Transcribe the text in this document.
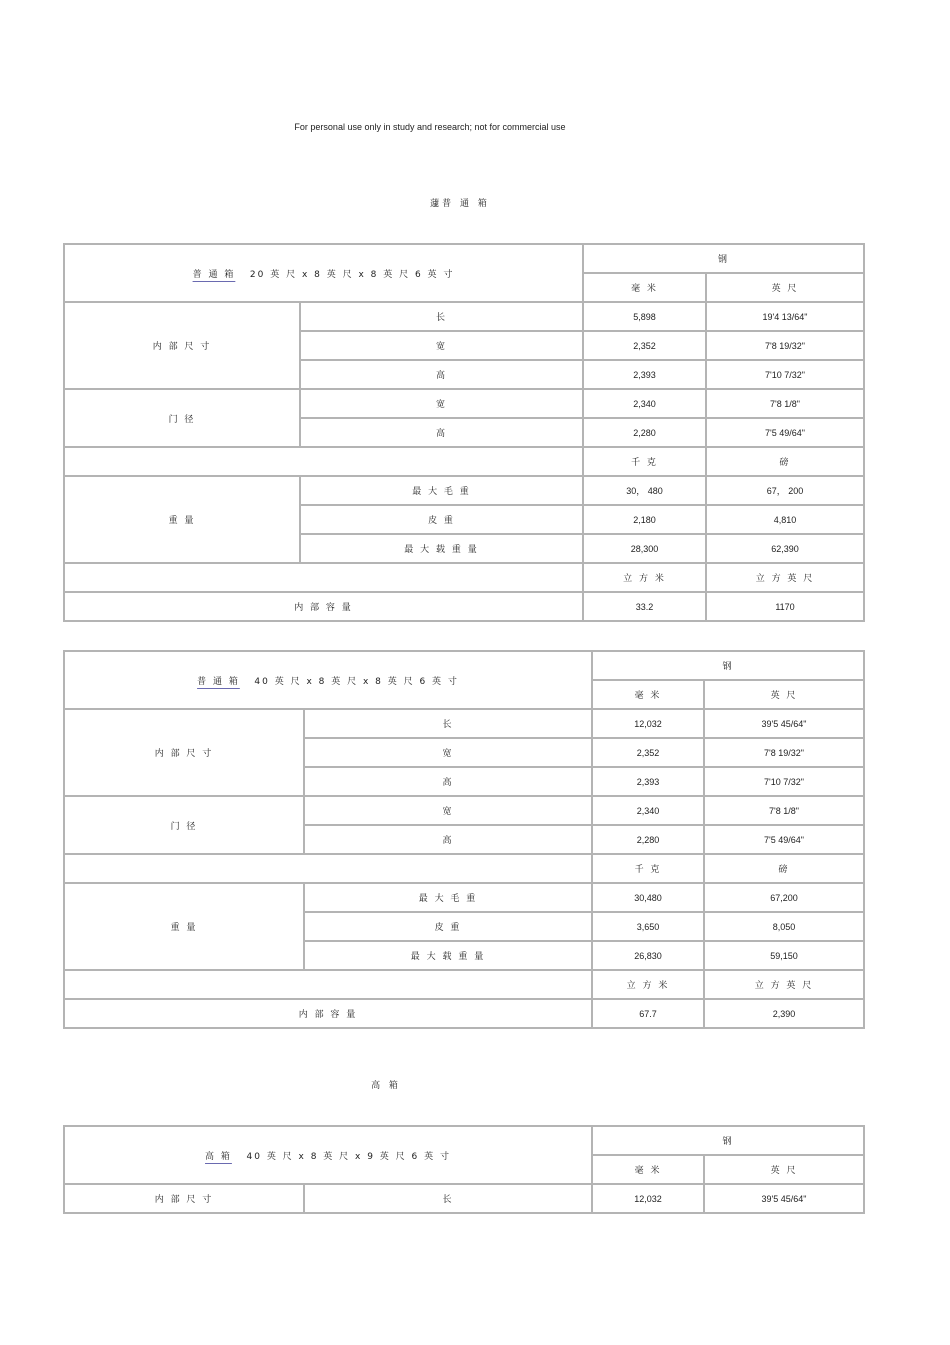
For personal use only in study and research; not for commercial use
蘧普 通 箱
普 通 箱 20 英 尺 x 8 英 尺 x 8 英 尺 6 英 寸		钢	
		毫 米	英 尺
内 部 尺 寸	长	5,898	19'4 13/64"
	宽	2,352	7'8 19/32"
	高	2,393	7'10 7/32"
门 径	宽	2,340	7'8 1/8"
	高	2,280	7'5 49/64"
		千 克	磅
重 量	最 大 毛 重	30， 480	67， 200
	皮 重	2,180	4,810
	最 大 载 重 量	28,300	62,390
		立 方 米	立 方 英 尺
内 部 容 量		33.2	1170
普 通 箱 40 英 尺 x 8 英 尺 x 8 英 尺 6 英 寸		钢	
		毫 米	英 尺
内 部 尺 寸	长	12,032	39'5 45/64"
	宽	2,352	7'8 19/32"
	高	2,393	7'10 7/32"
门 径	宽	2,340	7'8 1/8"
	高	2,280	7'5 49/64"
		千 克	磅
重 量	最 大 毛 重	30,480	67,200
	皮 重	3,650	8,050
	最 大 载 重 量	26,830	59,150
		立 方 米	立 方 英 尺
内 部 容 量		67.7	2,390
高 箱
高 箱 40 英 尺 x 8 英 尺 x 9 英 尺 6 英 寸		钢	
		毫 米	英 尺
内 部 尺 寸	长	12,032	39'5 45/64"
